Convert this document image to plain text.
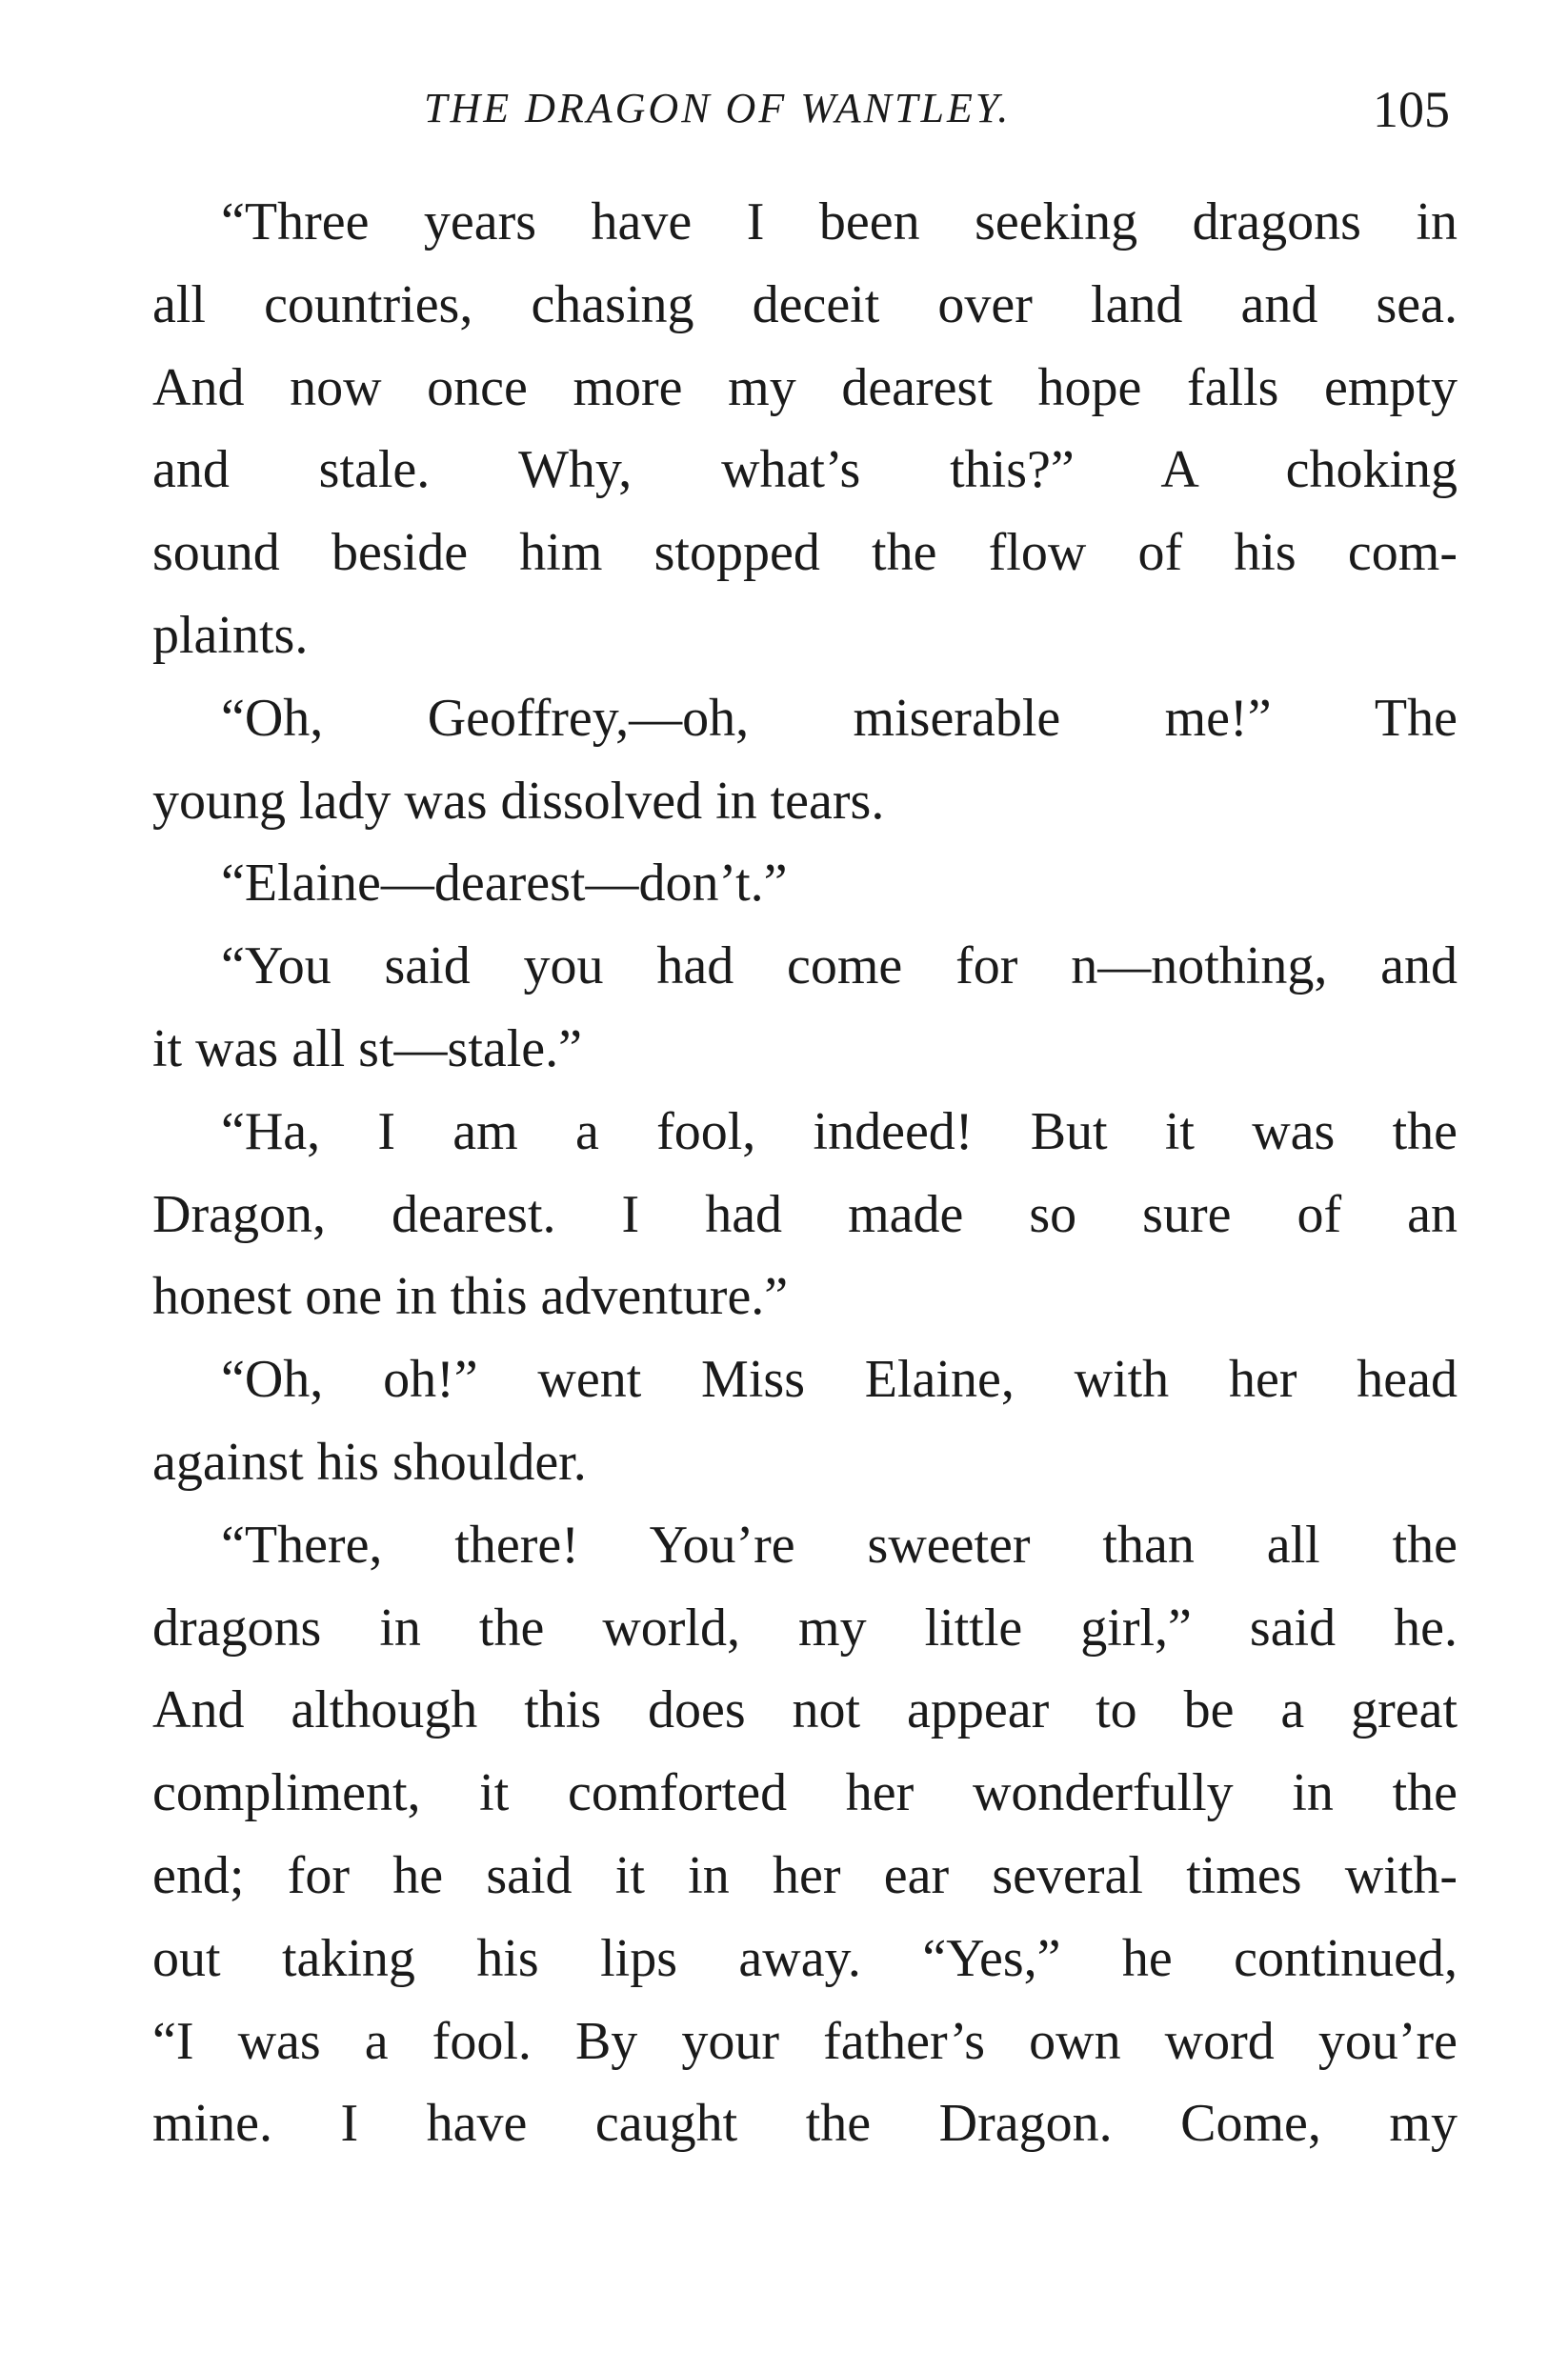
THE DRAGON OF WANTLEY.	105
“Three years have I been seeking dragons in
all countries, chasing deceit over land and sea.
And now once more my dearest hope falls empty
and stale. Why, what’s this?” A choking
sound beside him stopped the flow of his com-
plaints.
“Oh, Geoffrey,—oh, miserable me!” The
young lady was dissolved in tears.
“Elaine—dearest—don’t.”
“You said you had come for n—nothing, and
it was all st—stale.”
“Ha, I am a fool, indeed! But it was the
Dragon, dearest. I had made so sure of an
honest one in this adventure.”
“Oh, oh!” went Miss Elaine, with her head
against his shoulder.
“There, there! You’re sweeter than all the
dragons in the world, my little girl,” said he.
And although this does not appear to be a great
compliment, it comforted her wonderfully in the
end; for he said it in her ear several times with-
out taking his lips away. “Yes,” he continued,
“I was a fool. By your father’s own word you’re
mine. I have caught the Dragon. Come, my
